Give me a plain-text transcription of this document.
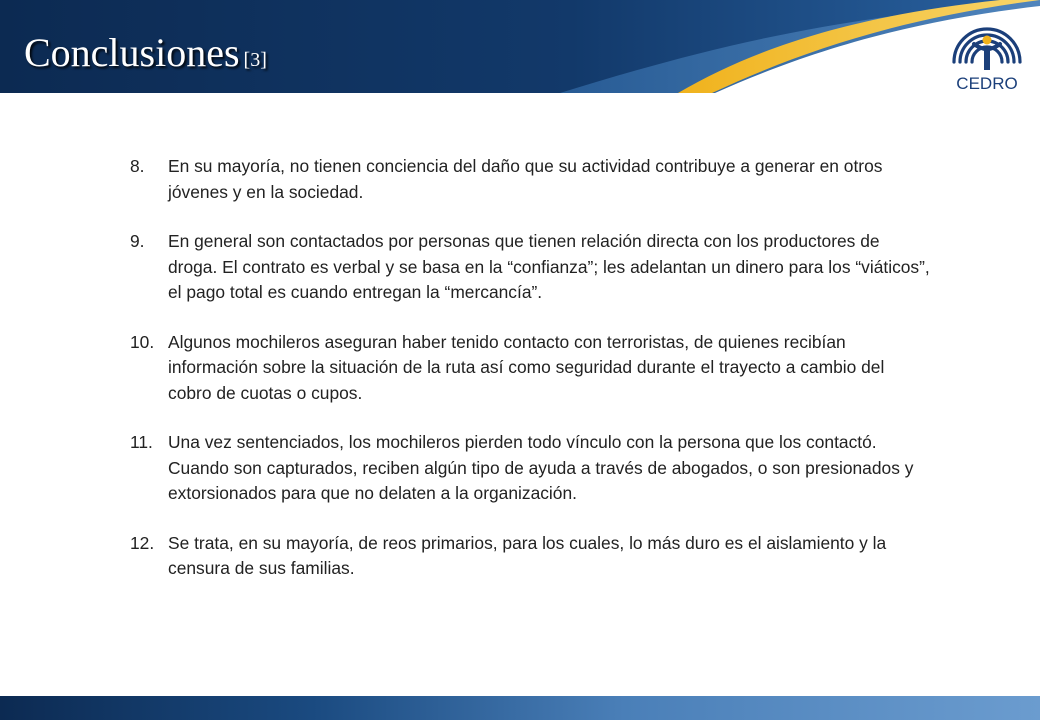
Conclusiones [3]
CEDRO
8.	En su mayoría, no tienen conciencia del daño que su actividad contribuye a generar en otros jóvenes y en la sociedad.
9.	En general son contactados por personas que tienen relación directa con los productores de droga. El contrato es verbal y se basa en la “confianza”; les adelantan un dinero para los “viáticos”, el pago total es cuando entregan la “mercancía”.
10. Algunos mochileros aseguran haber tenido contacto con terroristas, de quienes recibían información sobre la situación de la ruta así como seguridad durante el trayecto a cambio del cobro de cuotas o cupos.
11. Una vez sentenciados, los mochileros pierden todo vínculo con la persona que los contactó. Cuando son capturados, reciben algún tipo de ayuda a través de abogados, o son presionados y extorsionados para que no delaten a la organización.
12. Se trata, en su mayoría, de reos primarios, para los cuales, lo más duro es el aislamiento y la censura de sus familias.
